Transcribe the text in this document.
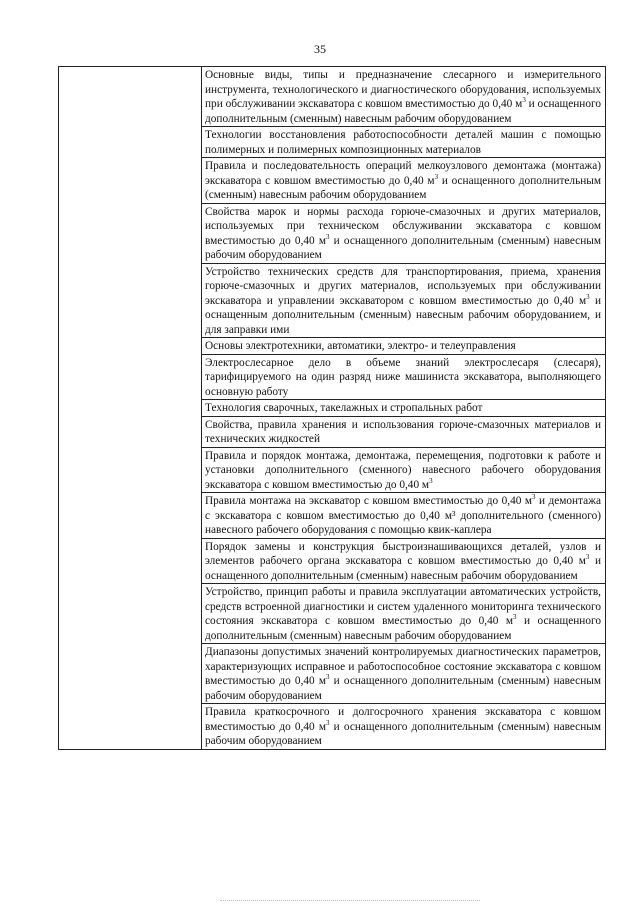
35
Основные виды, типы и предназначение слесарного и измерительного инструмента, технологического и диагностического оборудования, используемых при обслуживании экскаватора с ковшом вместимостью до 0,40 $м^3$ и оснащенного дополнительным (сменным) навесным рабочим оборудованием
Технологии восстановления работоспособности деталей машин с помощью полимерных и полимерных композиционных материалов
Правила и последовательность операций мелкоузлового демонтажа (монтажа) экскаватора с ковшом вместимостью до 0,40 $м^3$ и оснащенного дополнительным (сменным) навесным рабочим оборудованием
Свойства марок и нормы расхода горюче-смазочных и других материалов, используемых при техническом обслуживании экскаватора с ковшом вместимостью до 0,40 $м^3$ и оснащенного дополнительным (сменным) навесным рабочим оборудованием
Устройство технических средств для транспортирования, приема, хранения горюче-смазочных и других материалов, используемых при обслуживании экскаватора и управлении экскаватором с ковшом вместимостью до 0,40 $м^3$ и оснащенным дополнительным (сменным) навесным рабочим оборудованием, и для заправки ими
Основы электротехники, автоматики, электро- и телеуправления
Электрослесарное дело в объеме знаний электрослесаря (слесаря), тарифицируемого на один разряд ниже машиниста экскаватора, выполняющего основную работу
Технология сварочных, такелажных и стропальных работ
Свойства, правила хранения и использования горюче-смазочных материалов и технических жидкостей
Правила и порядок монтажа, демонтажа, перемещения, подготовки к работе и установки дополнительного (сменного) навесного рабочего оборудования экскаватора с ковшом вместимостью до 0,40 $м^3$
Правила монтажа на экскаватор с ковшом вместимостью до 0,40 $м^3$ и демонтажа с экскаватора с ковшом вместимостью до 0,40 м³ дополнительного (сменного) навесного рабочего оборудования с помощью квик-каплера
Порядок замены и конструкция быстроизнашивающихся деталей, узлов и элементов рабочего органа экскаватора с ковшом вместимостью до 0,40 $м^3$ и оснащенного дополнительным (сменным) навесным рабочим оборудованием
Устройство, принцип работы и правила эксплуатации автоматических устройств, средств встроенной диагностики и систем удаленного мониторинга технического состояния экскаватора с ковшом вместимостью до 0,40 $м^3$ и оснащенного дополнительным (сменным) навесным рабочим оборудованием
Диапазоны допустимых значений контролируемых диагностических параметров, характеризующих исправное и работоспособное состояние экскаватора с ковшом вместимостью до 0,40 $м^3$ и оснащенного дополнительным (сменным) навесным рабочим оборудованием
Правила краткосрочного и долгосрочного хранения экскаватора с ковшом вместимостью до 0,40 $м^3$ и оснащенного дополнительным (сменным) навесным рабочим оборудованием
